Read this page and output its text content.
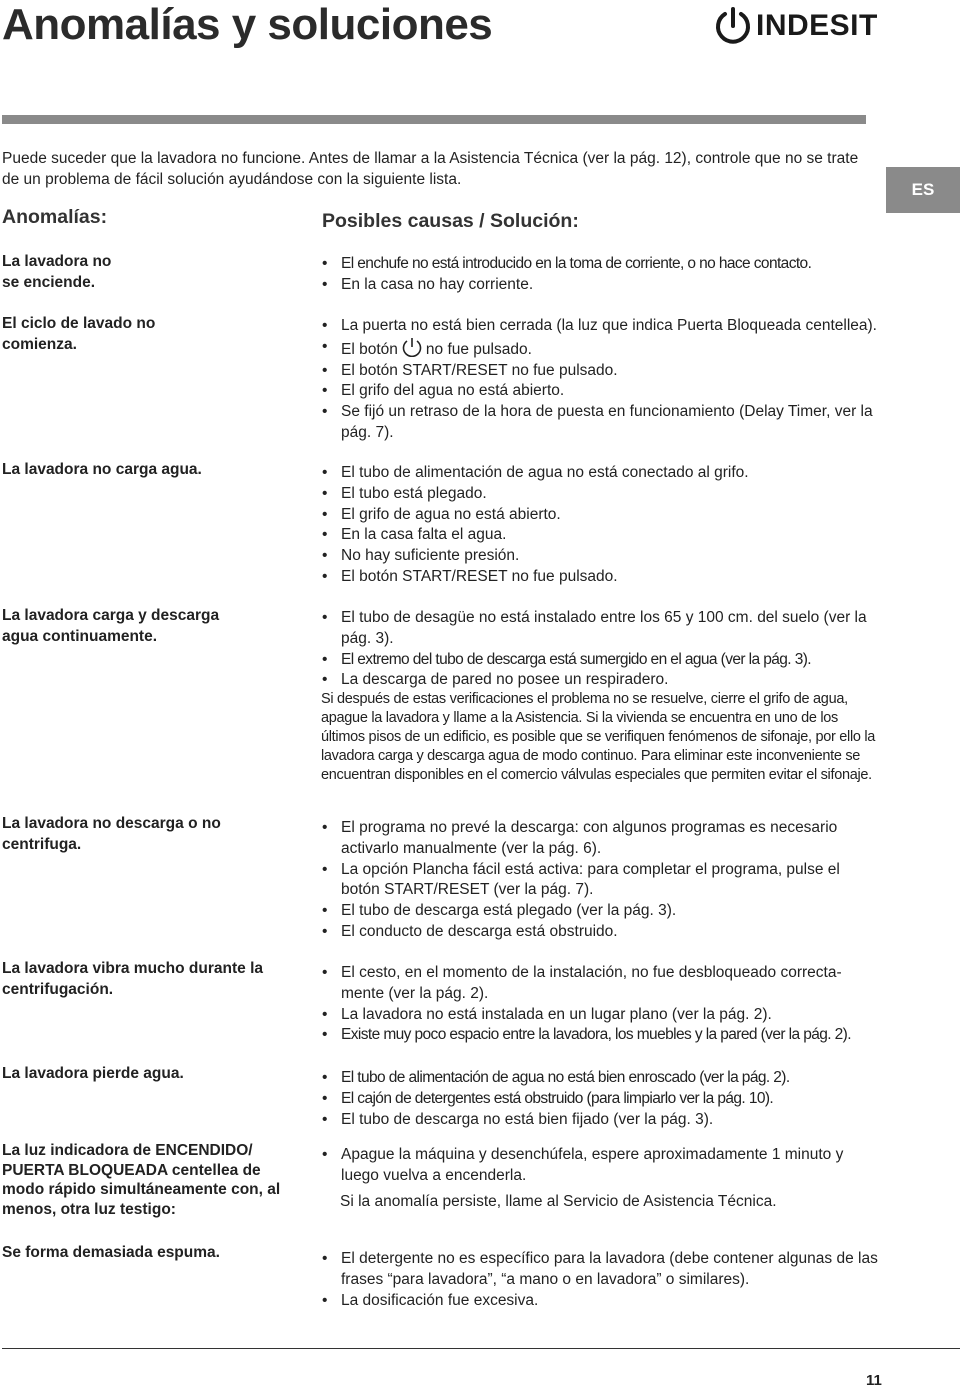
Anomalías y soluciones	INDESIT
Puede suceder que la lavadora no funcione. Antes de llamar a la Asistencia Técnica (ver la pág. 12), controle que no se trate de un problema de fácil solución ayudándose con la siguiente lista.
ES
Anomalías:	Posibles causas / Solución:
La lavadora no se enciende.
• El enchufe no está introducido en la toma de corriente, o no hace contacto.
• En la casa no hay corriente.
El ciclo de lavado no comienza.
• La puerta no está bien cerrada (la luz que indica Puerta Bloqueada centellea).
• El botón no fue pulsado.
• El botón START/RESET no fue pulsado.
• El grifo del agua no está abierto.
• Se fijó un retraso de la hora de puesta en funcionamiento (Delay Timer, ver la pág. 7).
La lavadora no carga agua.	• El tubo de alimentación de agua no está conectado al grifo.
• El tubo está plegado.
• El grifo de agua no está abierto.
• En la casa falta el agua.
• No hay suficiente presión.
• El botón START/RESET no fue pulsado.
La lavadora carga y descarga agua continuamente.
• El tubo de desagüe no está instalado entre los 65 y 100 cm. del suelo (ver la pág. 3).
• El extremo del tubo de descarga está sumergido en el agua (ver la pág. 3).
• La descarga de pared no posee un respiradero.
Si después de estas verificaciones el problema no se resuelve, cierre el grifo de agua, apague la lavadora y llame a la Asistencia. Si la vivienda se encuentra en uno de los últimos pisos de un edificio, es posible que se verifiquen fenómenos de sifonaje, por ello la lavadora carga y descarga agua de modo continuo. Para eliminar este inconveniente se encuentran disponibles en el comercio válvulas especiales que permiten evitar el sifonaje.
La lavadora no descarga o no centrifuga.
• El programa no prevé la descarga: con algunos programas es necesario activarlo manualmente (ver la pág. 6).
• La opción Plancha fácil está activa: para completar el programa, pulse el botón START/RESET (ver la pág. 7).
• El tubo de descarga está plegado (ver la pág. 3).
• El conducto de descarga está obstruido.
La lavadora vibra mucho durante la centrifugación.
• El cesto, en el momento de la instalación, no fue desbloqueado correcta-mente (ver la pág. 2).
• La lavadora no está instalada en un lugar plano (ver la pág. 2).
• Existe muy poco espacio entre la lavadora, los muebles y la pared (ver la pág. 2).
La lavadora pierde agua.	• El tubo de alimentación de agua no está bien enroscado (ver la pág. 2).
• El cajón de detergentes está obstruido (para limpiarlo ver la pág. 10).
• El tubo de descarga no está bien fijado (ver la pág. 3).
La luz indicadora de ENCENDIDO/ PUERTA BLOQUEADA centellea de modo rápido simultáneamente con, al menos, otra luz testigo:
• Apague la máquina y desenchúfela, espere aproximadamente 1 minuto y luego vuelva a encenderla.
Si la anomalía persiste, llame al Servicio de Asistencia Técnica.
Se forma demasiada espuma.	• El detergente no es específico para la lavadora (debe contener algunas de las frases “para lavadora”, “a mano o en lavadora” o similares).
• La dosificación fue excesiva.
11
